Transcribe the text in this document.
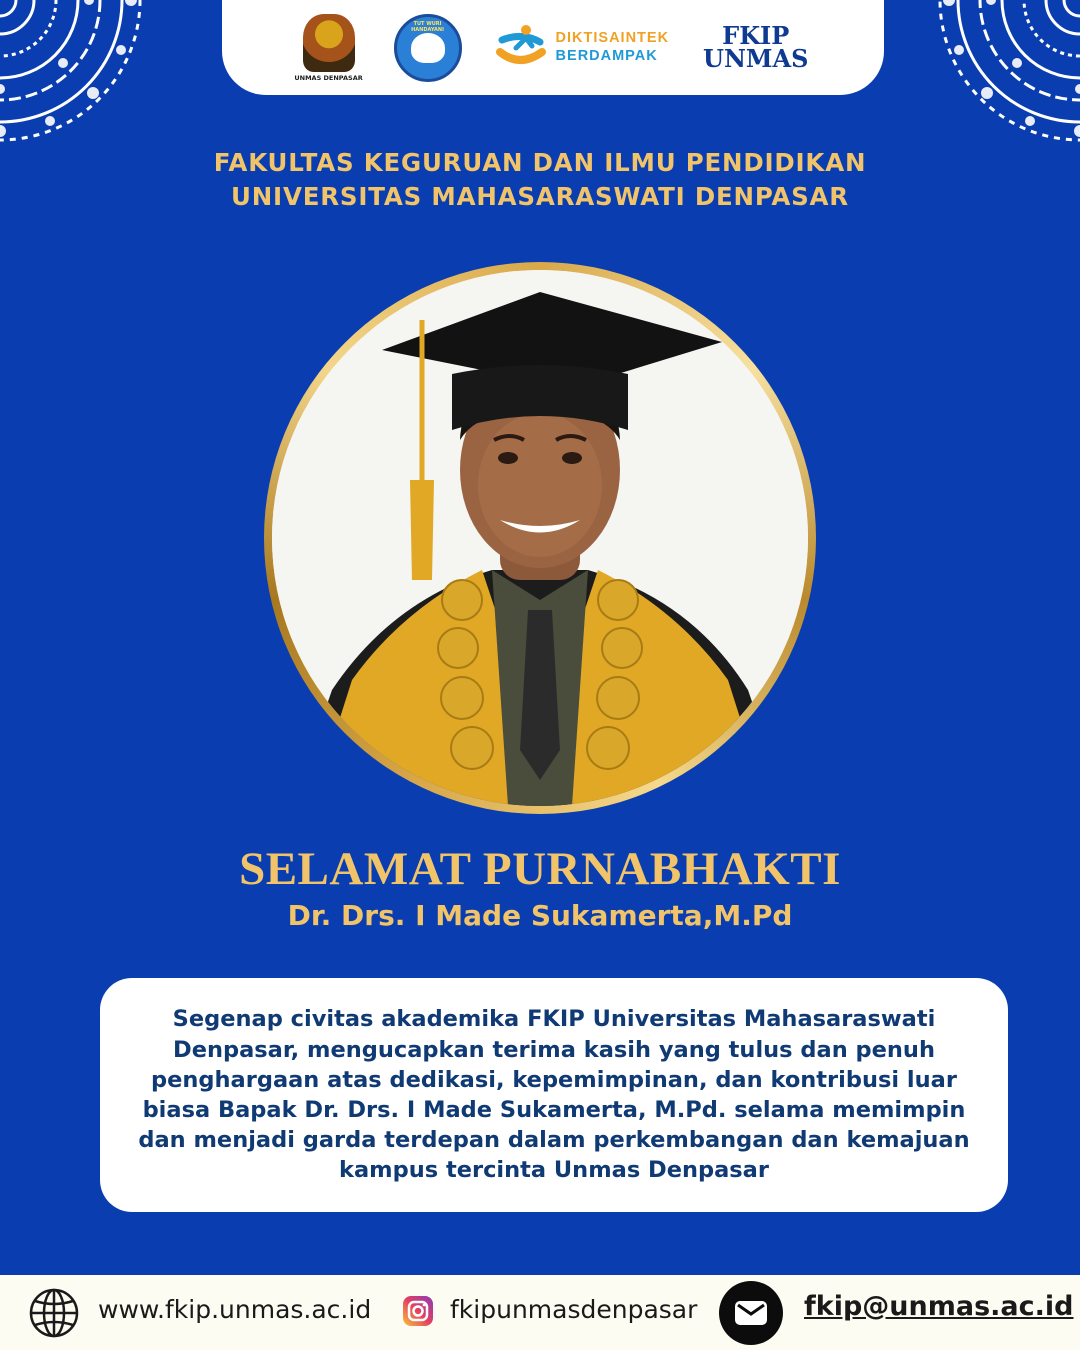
UNMAS DENPASAR
TUT WURI HANDAYANI
DIKTISAINTEK
BERDAMPAK
FKIP
UNMAS
FAKULTAS KEGURUAN DAN ILMU PENDIDIKAN
UNIVERSITAS MAHASARASWATI DENPASAR
SELAMAT PURNABHAKTI
Dr. Drs. I Made Sukamerta,M.Pd

Segenap civitas akademika FKIP Universitas Mahasaraswati Denpasar, mengucapkan terima kasih yang tulus dan penuh penghargaan atas dedikasi, kepemimpinan, dan kontribusi luar biasa Bapak Dr. Drs. I Made Sukamerta, M.Pd. selama memimpin dan menjadi garda terdepan dalam perkembangan dan kemajuan kampus tercinta Unmas Denpasar

www.fkip.unmas.ac.id	fkipunmasdenpasar	fkip@unmas.ac.id
